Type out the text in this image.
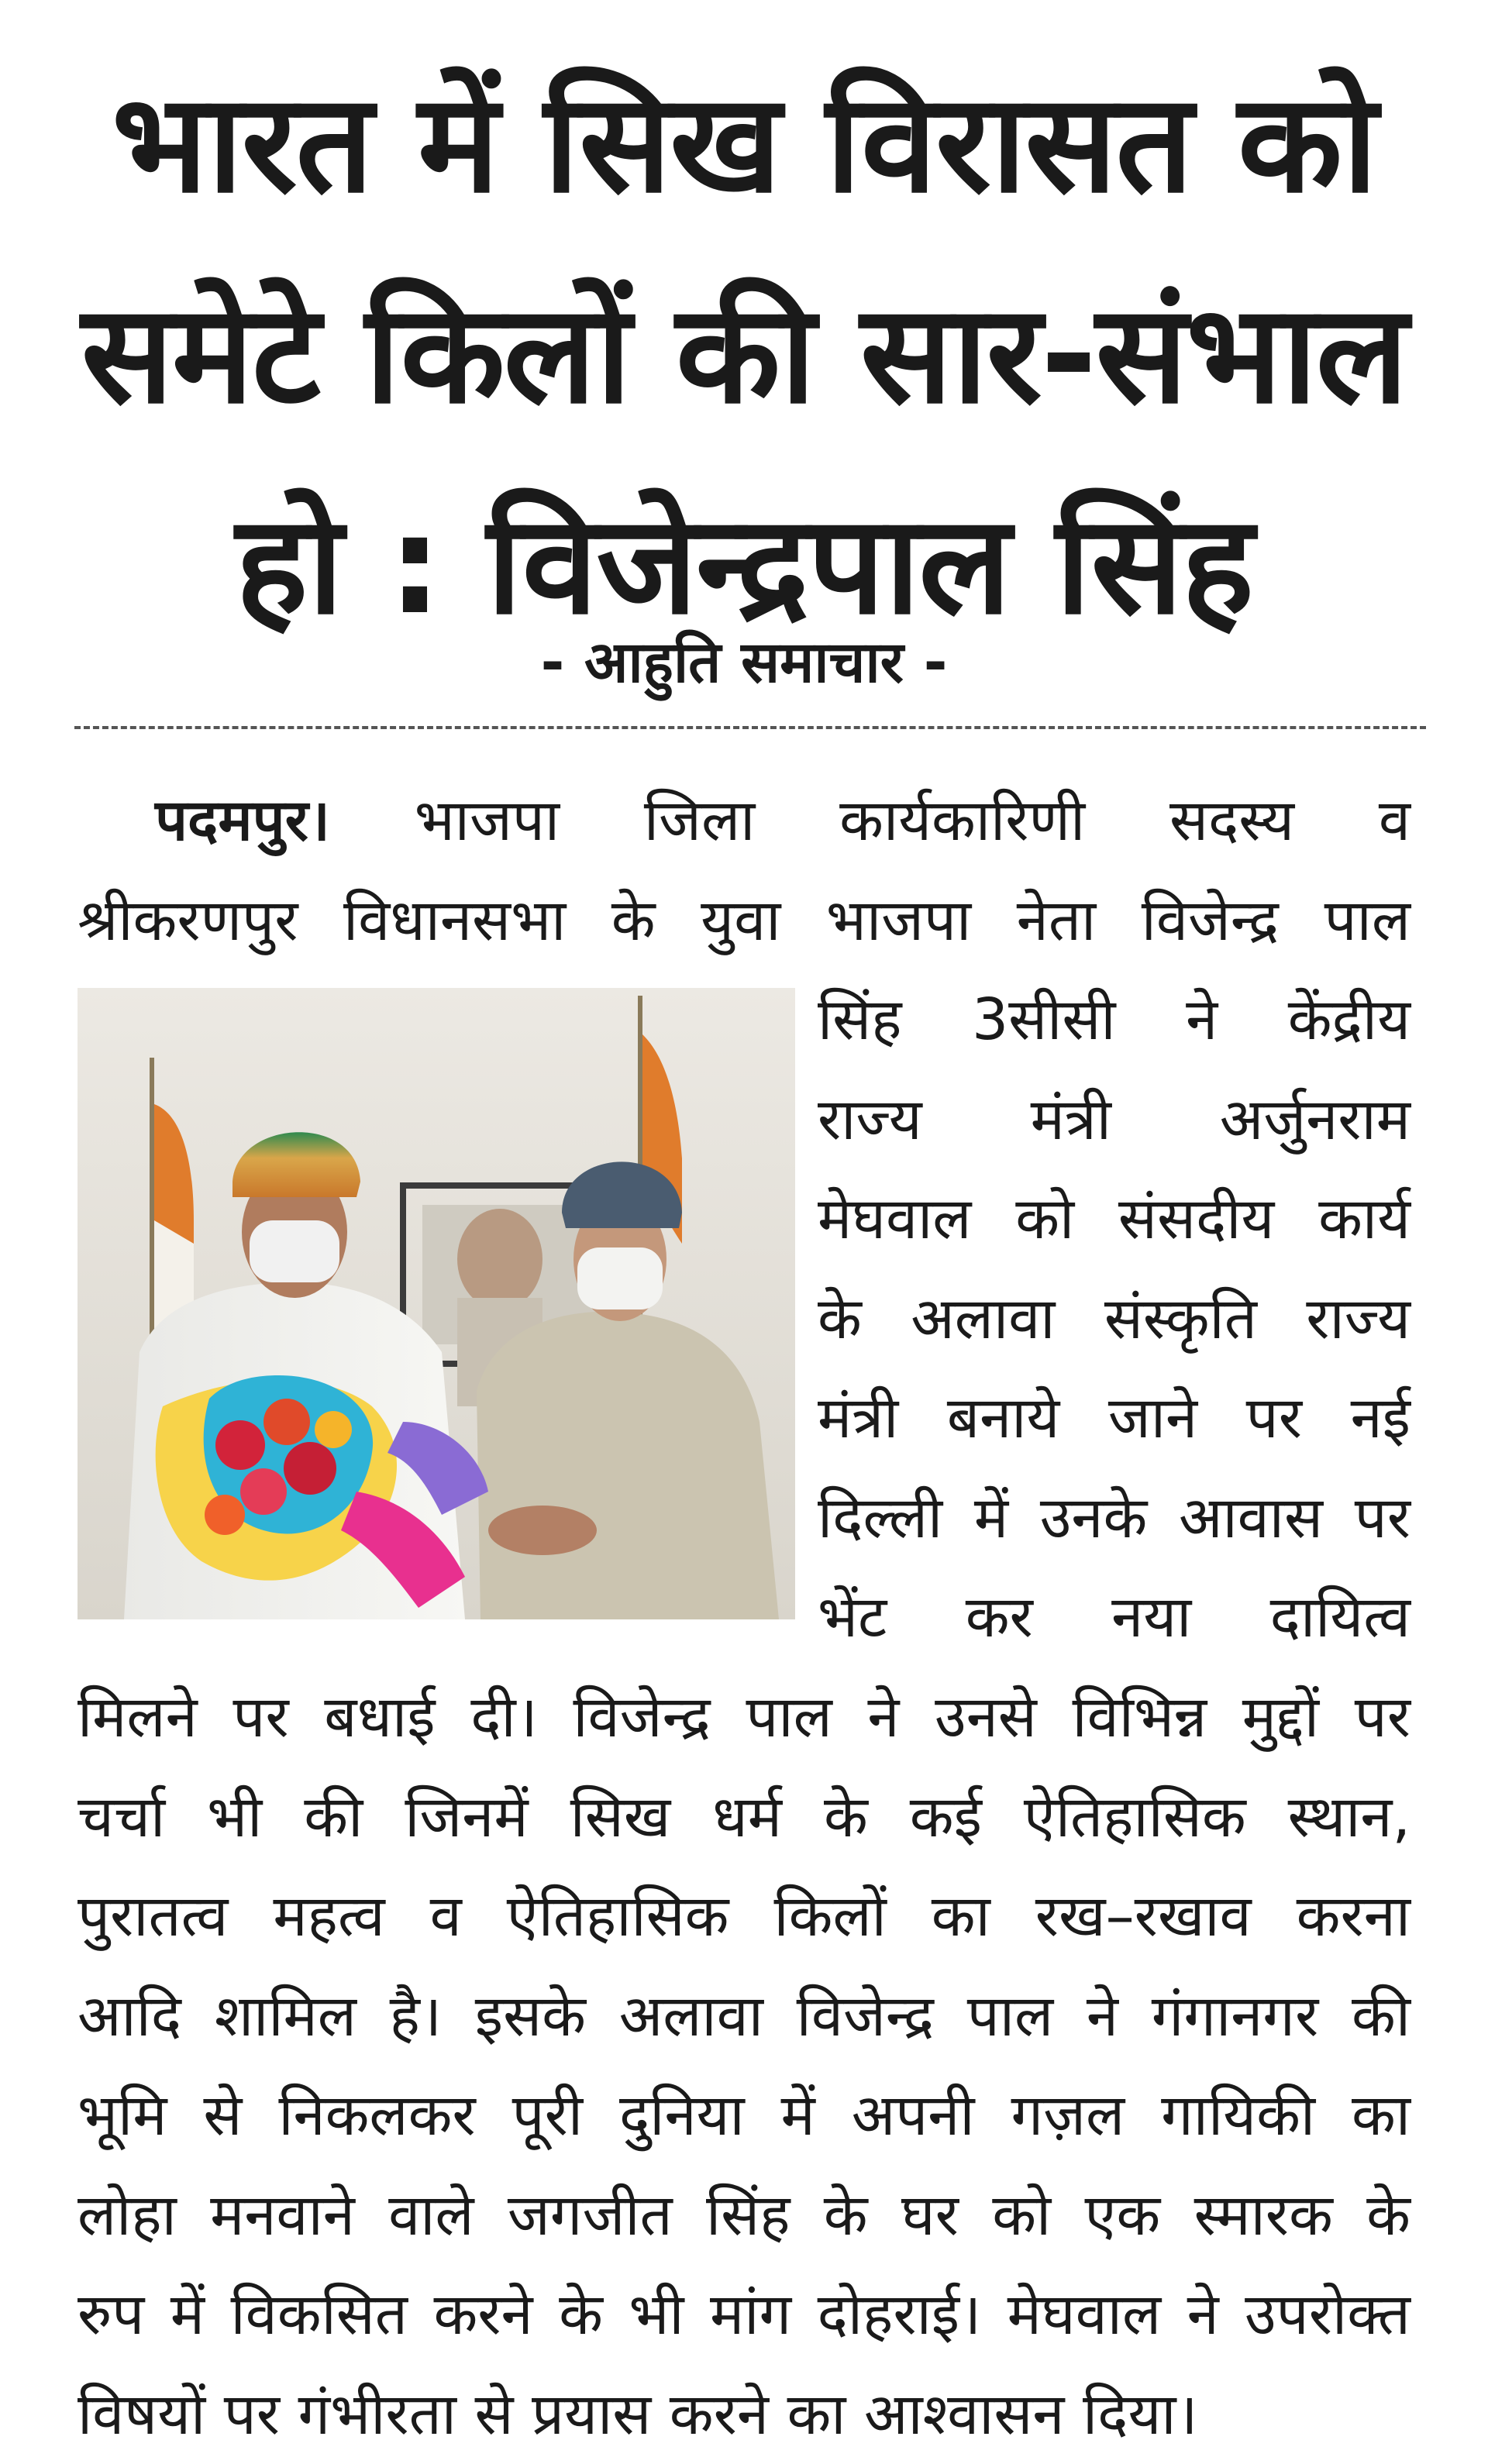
भारत में सिख विरासत को
समेटे किलों की सार-संभाल
हो : विजेन्द्रपाल सिंह
- आहुति समाचार -
पदमपुर। भाजपा जिला कार्यकारिणी सदस्य व
श्रीकरणपुर विधानसभा के युवा भाजपा नेता विजेन्द्र पाल
सिंह 3सीसी ने केंद्रीय
राज्य मंत्री अर्जुनराम
मेघवाल को संसदीय कार्य
के अलावा संस्कृति राज्य
मंत्री बनाये जाने पर नई
दिल्ली में उनके आवास पर
भेंट कर नया दायित्व
मिलने पर बधाई दी। विजेन्द्र पाल ने उनसे विभिन्न मुद्दों पर
चर्चा भी की जिनमें सिख धर्म के कई ऐतिहासिक स्थान,
पुरातत्व महत्व व ऐतिहासिक किलों का रख–रखाव करना
आदि शामिल है। इसके अलावा विजेन्द्र पाल ने गंगानगर की
भूमि से निकलकर पूरी दुनिया में अपनी गज़ल गायिकी का
लोहा मनवाने वाले जगजीत सिंह के घर को एक स्मारक के
रुप में विकसित करने के भी मांग दोहराई। मेघवाल ने उपरोक्त
विषयों पर गंभीरता से प्रयास करने का आश्वासन दिया।
